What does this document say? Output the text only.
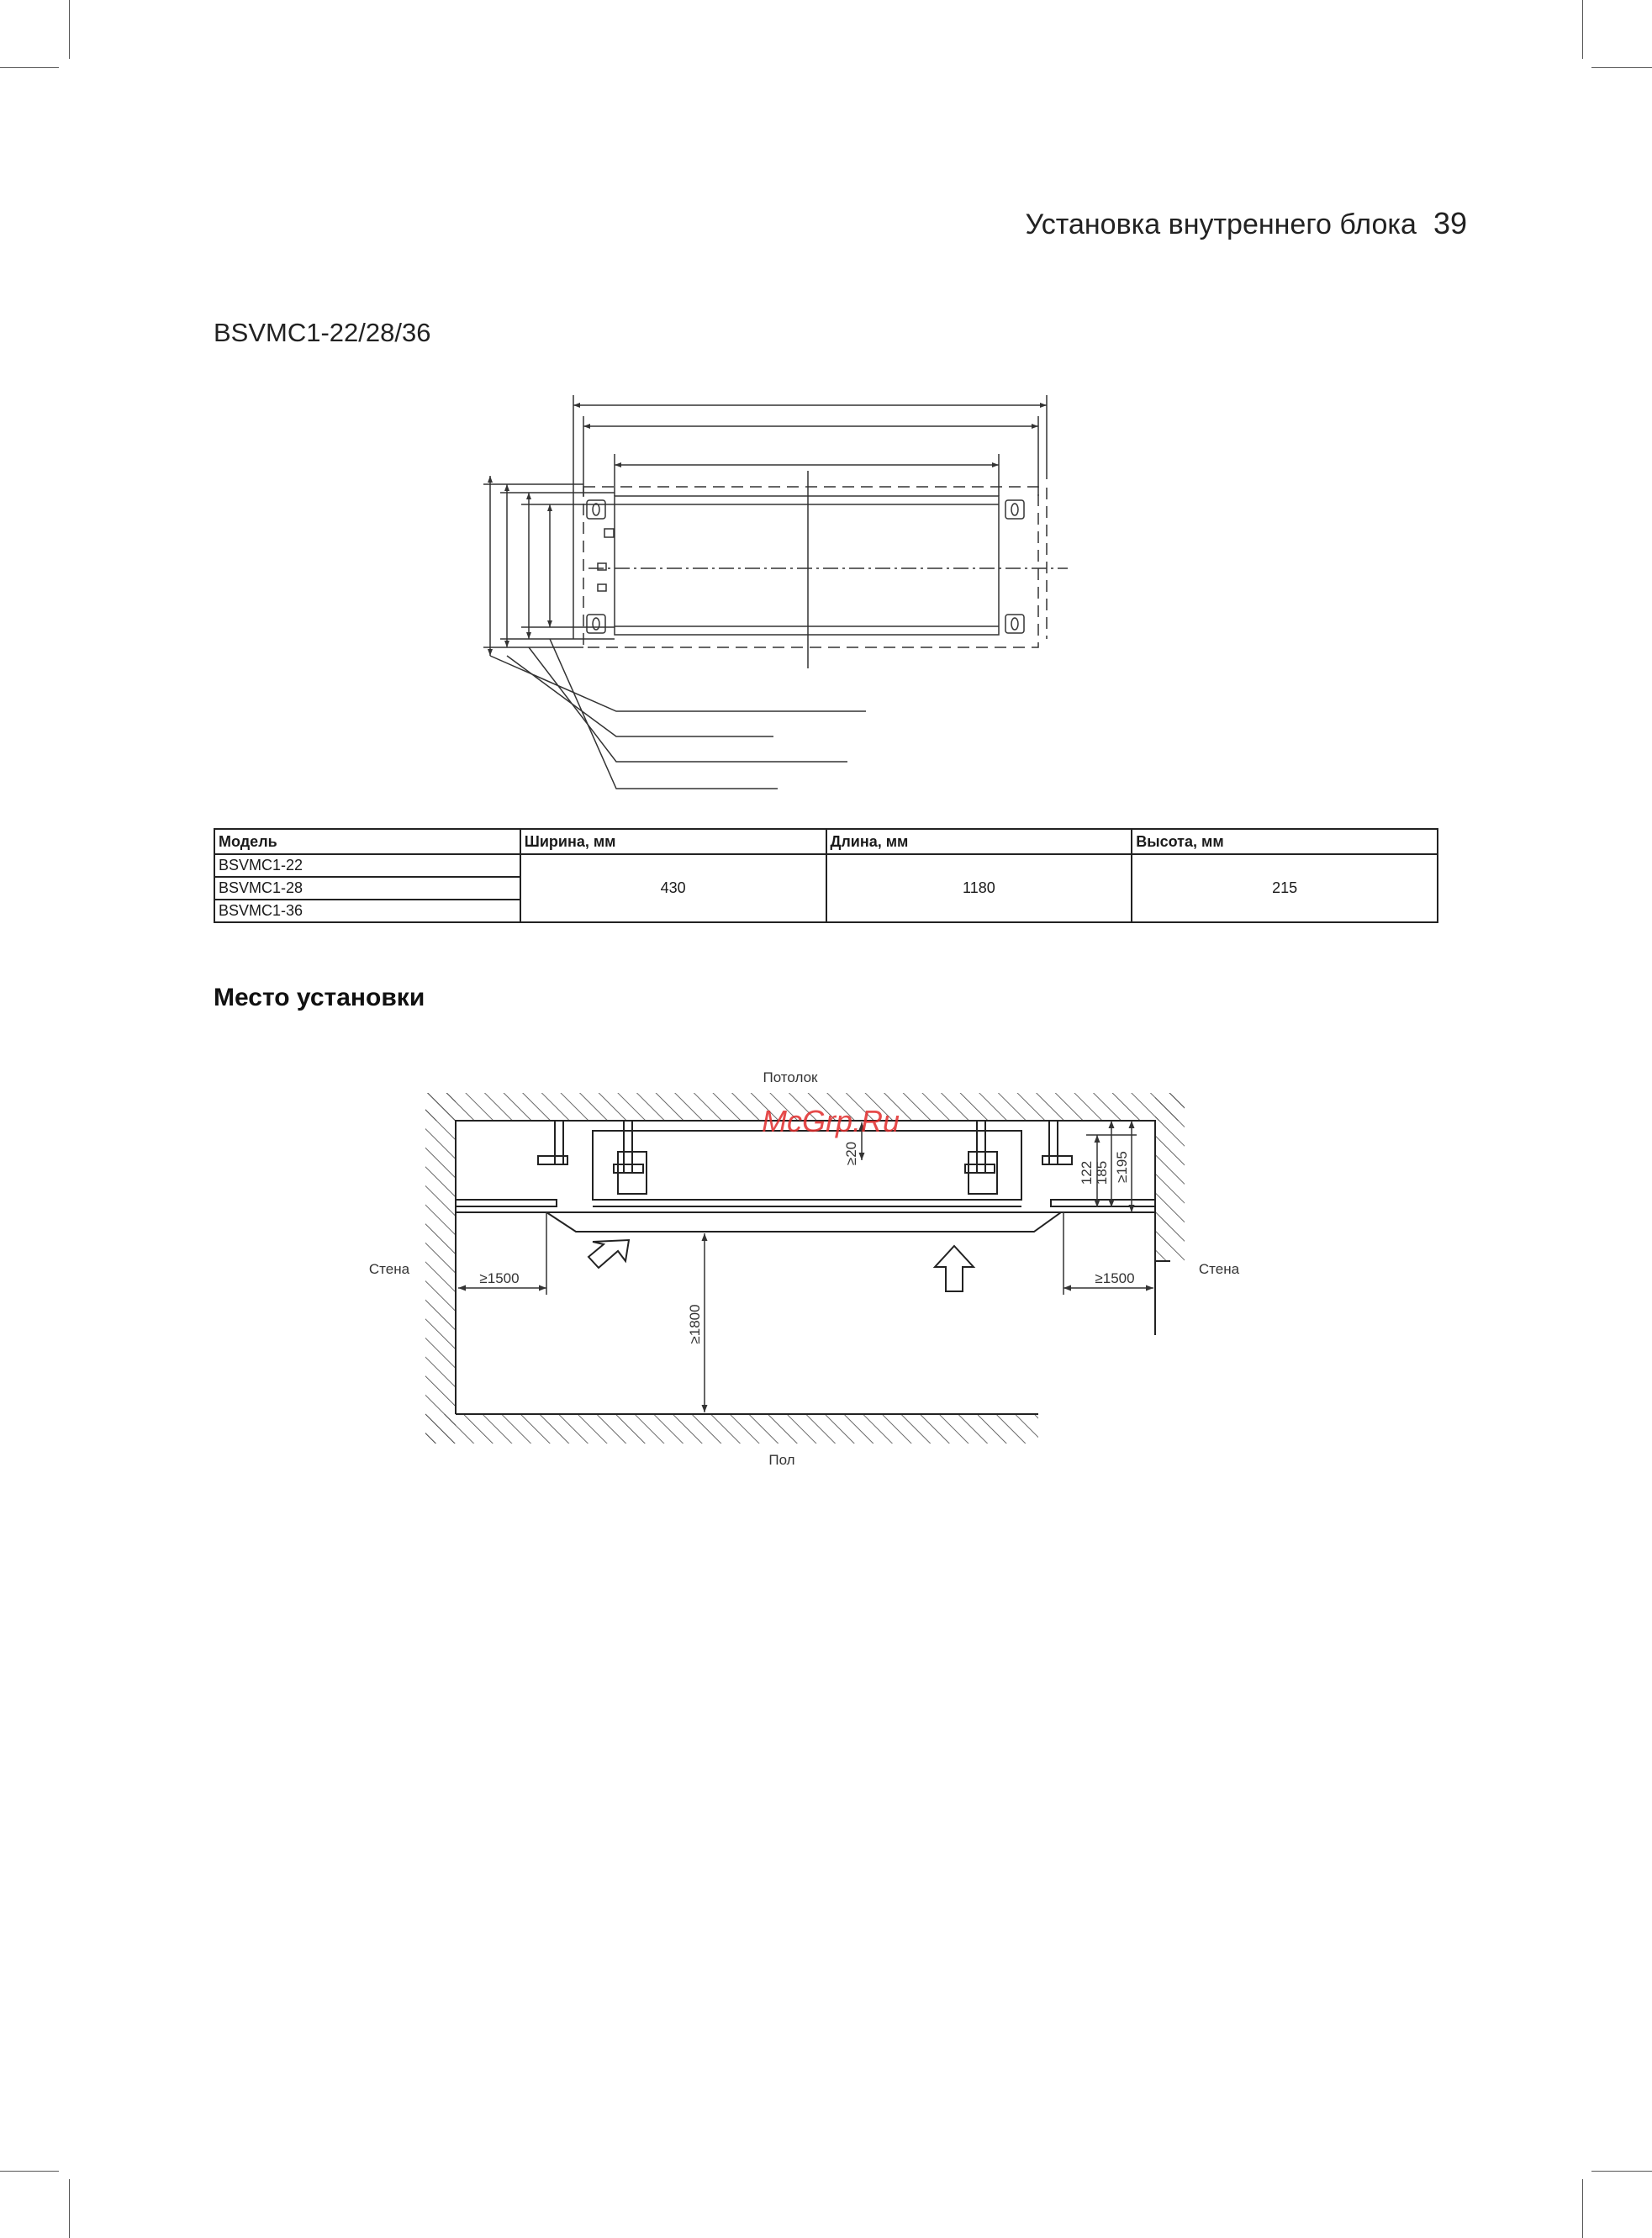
Установка внутреннего блока 39
BSVMC1-22/28/36
Модель	Ширина, мм	Длина, мм	Высота, мм
BSVMC1-22	430	1180	215
BSVMC1-28			
BSVMC1-36			
Место установки
Потолок
≥20
122 185 ≥195
≥1500	≥1500
≥1800
Стена	Стена
Пол
McGrp.Ru
